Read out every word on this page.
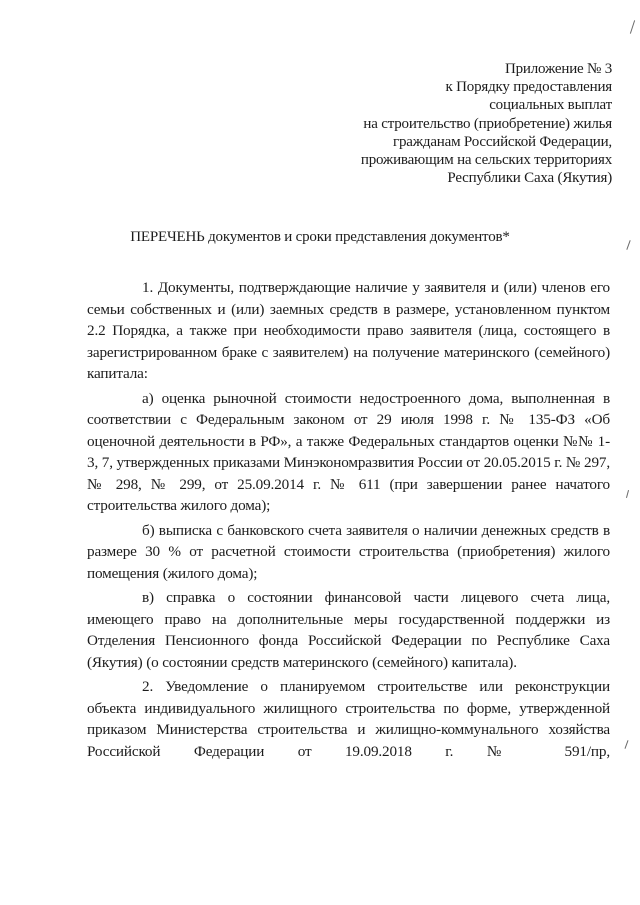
Приложение № 3
к Порядку предоставления
социальных выплат
на строительство (приобретение) жилья
гражданам Российской Федерации,
проживающим на сельских территориях
Республики Саха (Якутия)
ПЕРЕЧЕНЬ документов и сроки представления документов*

1. Документы, подтверждающие наличие у заявителя и (или) членов его семьи собственных и (или) заемных средств в размере, установленном пунктом 2.2 Порядка, а также при необходимости право заявителя (лица, состоящего в зарегистрированном браке с заявителем) на получение материнского (семейного) капитала:

а) оценка рыночной стоимости недостроенного дома, выполненная в соответствии с Федеральным законом от 29 июля 1998 г. № 135-ФЗ «Об оценочной деятельности в РФ», а также Федеральных стандартов оценки №№ 1-3, 7, утвержденных приказами Минэкономразвития России от 20.05.2015 г. № 297, № 298, № 299, от 25.09.2014 г. № 611 (при завершении ранее начатого строительства жилого дома);

б) выписка с банковского счета заявителя о наличии денежных средств в размере 30 % от расчетной стоимости строительства (приобретения) жилого помещения (жилого дома);

в) справка о состоянии финансовой части лицевого счета лица, имеющего право на дополнительные меры государственной поддержки из Отделения Пенсионного фонда Российской Федерации по Республике Саха (Якутия) (о состоянии средств материнского (семейного) капитала).

2. Уведомление о планируемом строительстве или реконструкции объекта индивидуального жилищного строительства по форме, утвержденной приказом Министерства строительства и жилищно-коммунального хозяйства Российской Федерации от 19.09.2018 г. № 591/пр,
